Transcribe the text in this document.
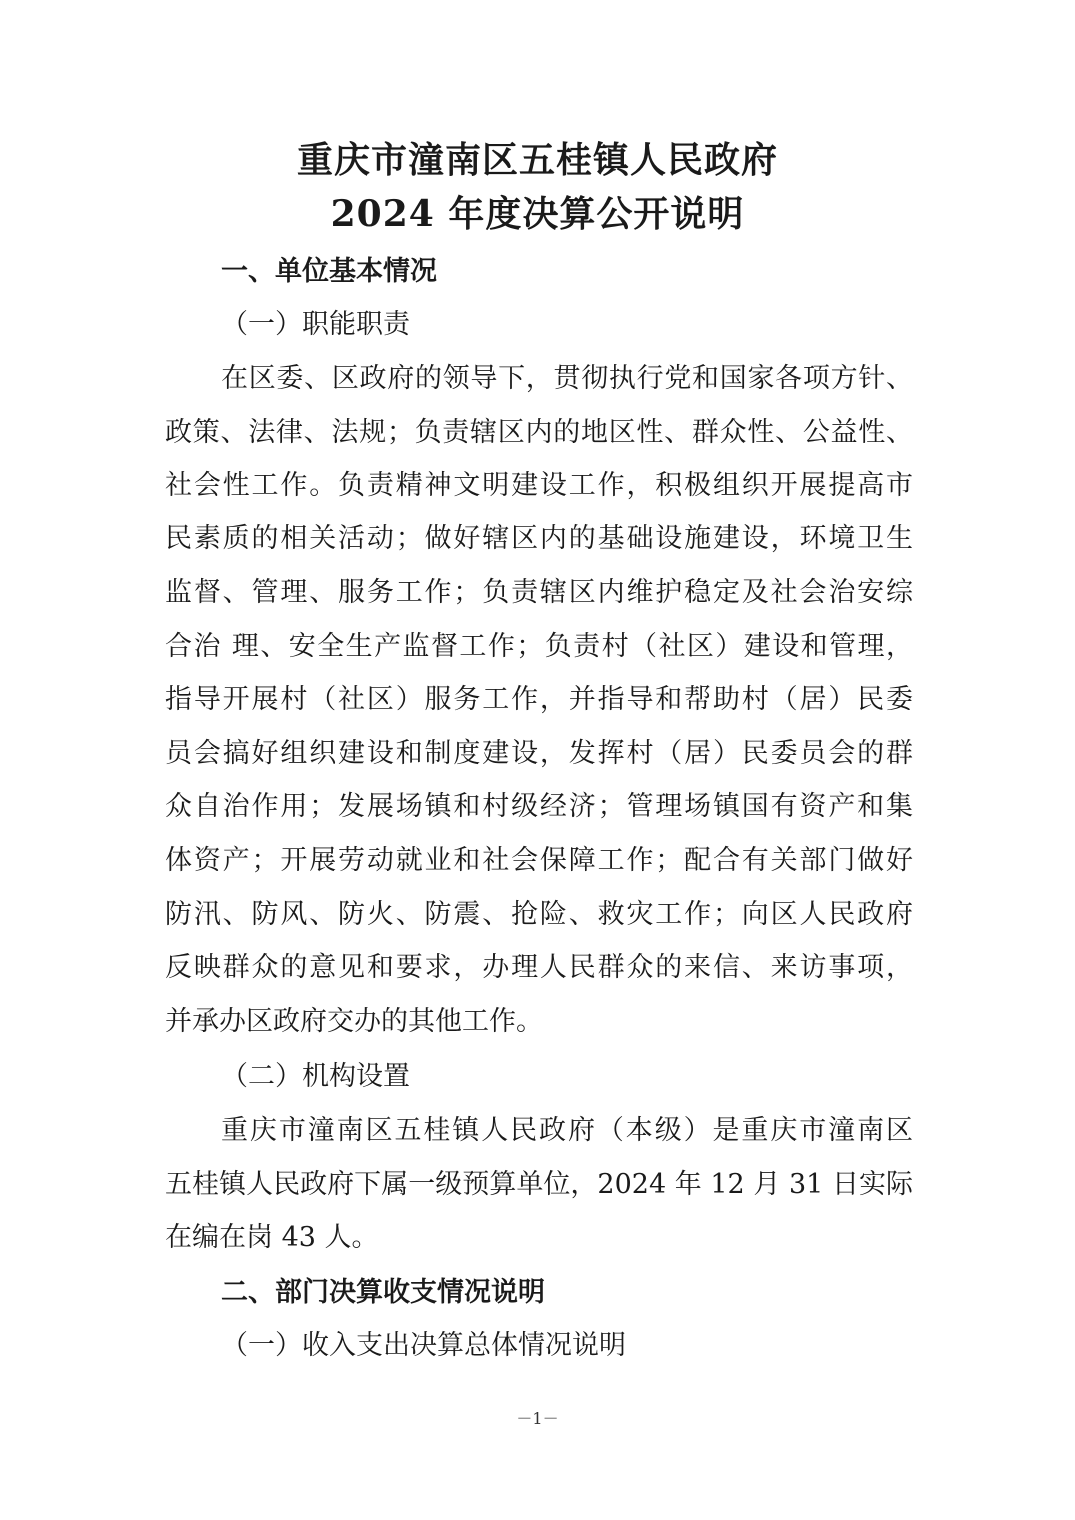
重庆市潼南区五桂镇人民政府
2024 年度决算公开说明
一、单位基本情况
（一）职能职责
在区委、区政府的领导下，贯彻执行党和国家各项方针、
政策、法律、法规；负责辖区内的地区性、群众性、公益性、
社会性工作。负责精神文明建设工作，积极组织开展提高市
民素质的相关活动；做好辖区内的基础设施建设，环境卫生
监督、管理、服务工作；负责辖区内维护稳定及社会治安综
合治 理、安全生产监督工作；负责村（社区）建设和管理，
指导开展村（社区）服务工作，并指导和帮助村（居）民委
员会搞好组织建设和制度建设，发挥村（居）民委员会的群
众自治作用；发展场镇和村级经济；管理场镇国有资产和集
体资产；开展劳动就业和社会保障工作；配合有关部门做好
防汛、防风、防火、防震、抢险、救灾工作；向区人民政府
反映群众的意见和要求，办理人民群众的来信、来访事项，
并承办区政府交办的其他工作。
（二）机构设置
重庆市潼南区五桂镇人民政府（本级）是重庆市潼南区
五桂镇人民政府下属一级预算单位，2024 年 12 月 31 日实际
在编在岗 43 人。
二、部门决算收支情况说明
（一）收入支出决算总体情况说明
－1－
